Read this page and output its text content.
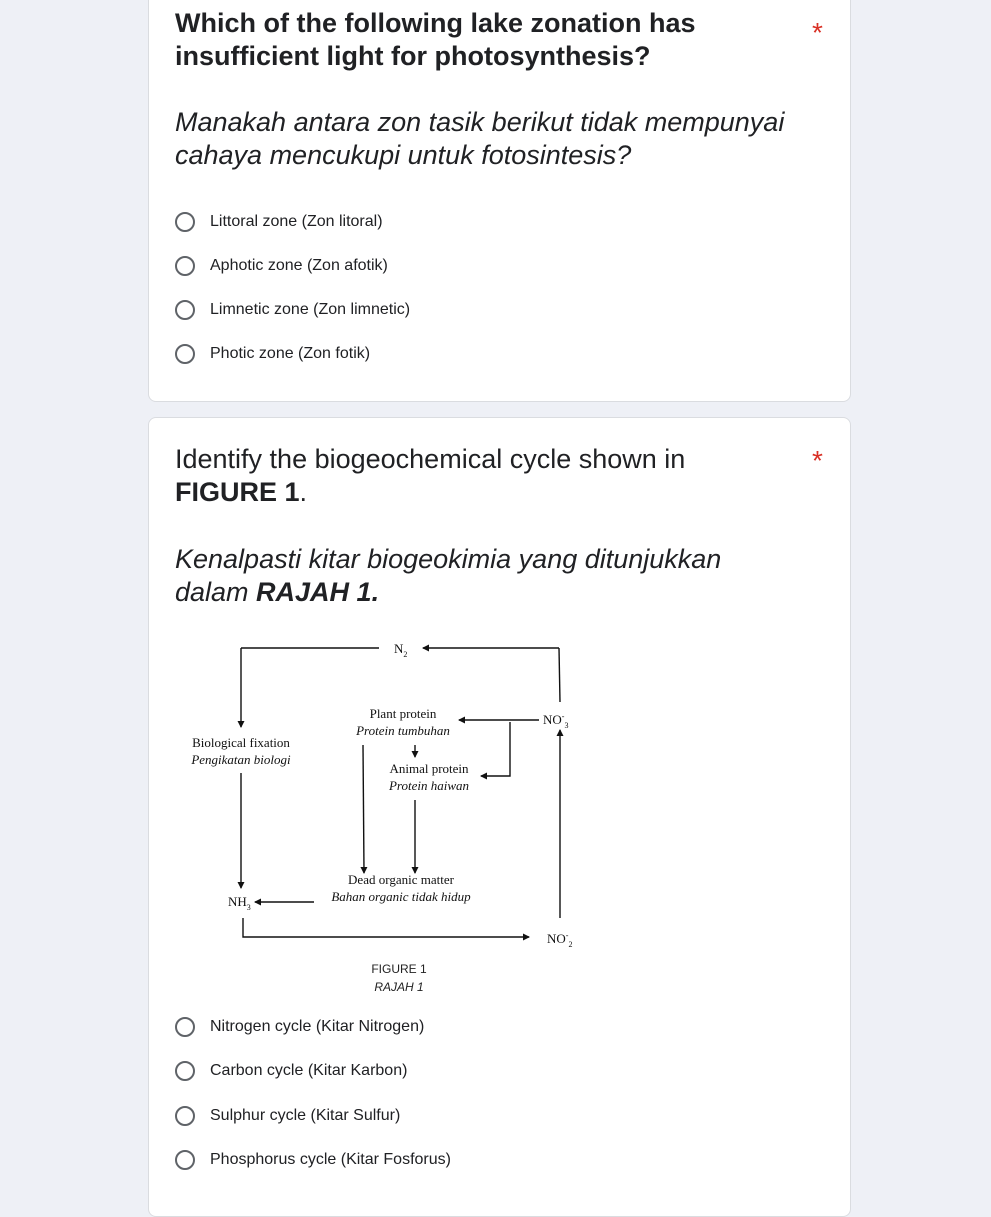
Which of the following lake zonation has insufficient light for photosynthesis?

*

Manakah antara zon tasik berikut tidak mempunyai cahaya mencukupi untuk fotosintesis?

Littoral zone (Zon litoral)
Aphotic zone (Zon afotik)
Limnetic zone (Zon limnetic)
Photic zone (Zon fotik)

Identify the biogeochemical cycle shown in FIGURE 1.

*

Kenalpasti kitar biogeokimia yang ditunjukkan dalam RAJAH 1.

$N_2$
Plant protein
Protein tumbuhan
$NO^-_3$
Biological fixation
Pengikatan biologi
Animal protein
Protein haiwan
Dead organic matter
Bahan organic tidak hidup
$NH_3$
$NO^-_2$
FIGURE 1
RAJAH 1
Nitrogen cycle (Kitar Nitrogen)
Carbon cycle (Kitar Karbon)
Sulphur cycle (Kitar Sulfur)
Phosphorus cycle (Kitar Fosforus)
